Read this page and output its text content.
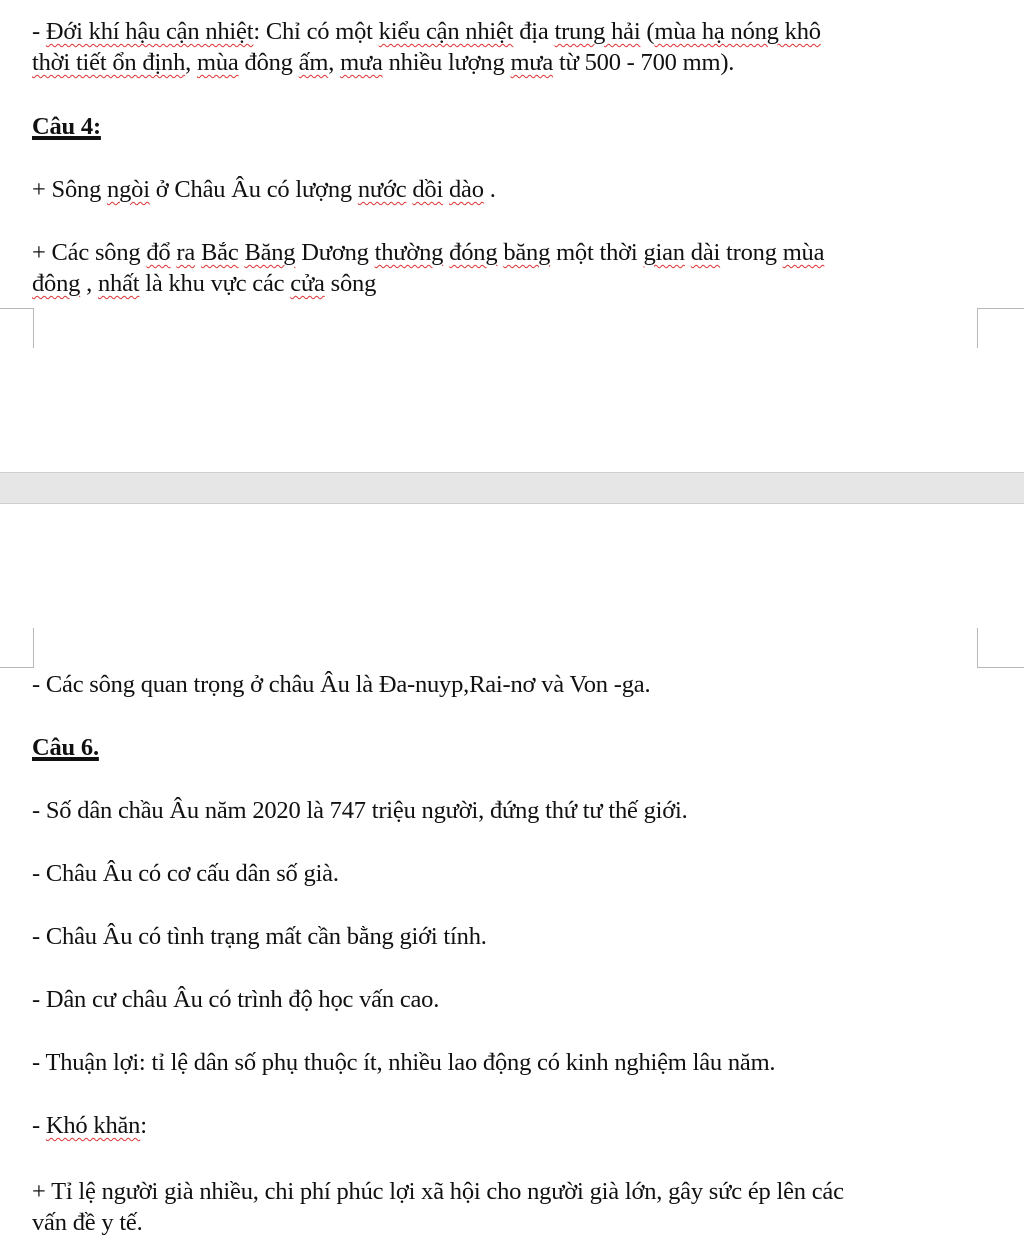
- Đới khí hậu cận nhiệt: Chỉ có một kiểu cận nhiệt địa trung hải (mùa hạ nóng khô
thời tiết ổn định, mùa đông ấm, mưa nhiều lượng mưa từ 500 - 700 mm).
Câu 4:
+ Sông ngòi ở Châu Âu có lượng nước dồi dào .
+ Các sông đổ ra Bắc Băng Dương thường đóng băng một thời gian dài trong mùa
đông , nhất là khu vực các cửa sông
- Các sông quan trọng ở châu Âu là Đa-nuyp,Rai-nơ và Von -ga.
Câu 6.
- Số dân chầu Âu năm 2020 là 747 triệu người, đứng thứ tư thế giới.
- Châu Âu có cơ cấu dân số già.
- Châu Âu có tình trạng mất cần bằng giới tính.
- Dân cư châu Âu có trình độ học vấn cao.
- Thuận lợi: tỉ lệ dân số phụ thuộc ít, nhiều lao động có kinh nghiệm lâu năm.
- Khó khăn:
+ Tỉ lệ người già nhiều, chi phí phúc lợi xã hội cho người già lớn, gây sức ép lên các
vấn đề y tế.
